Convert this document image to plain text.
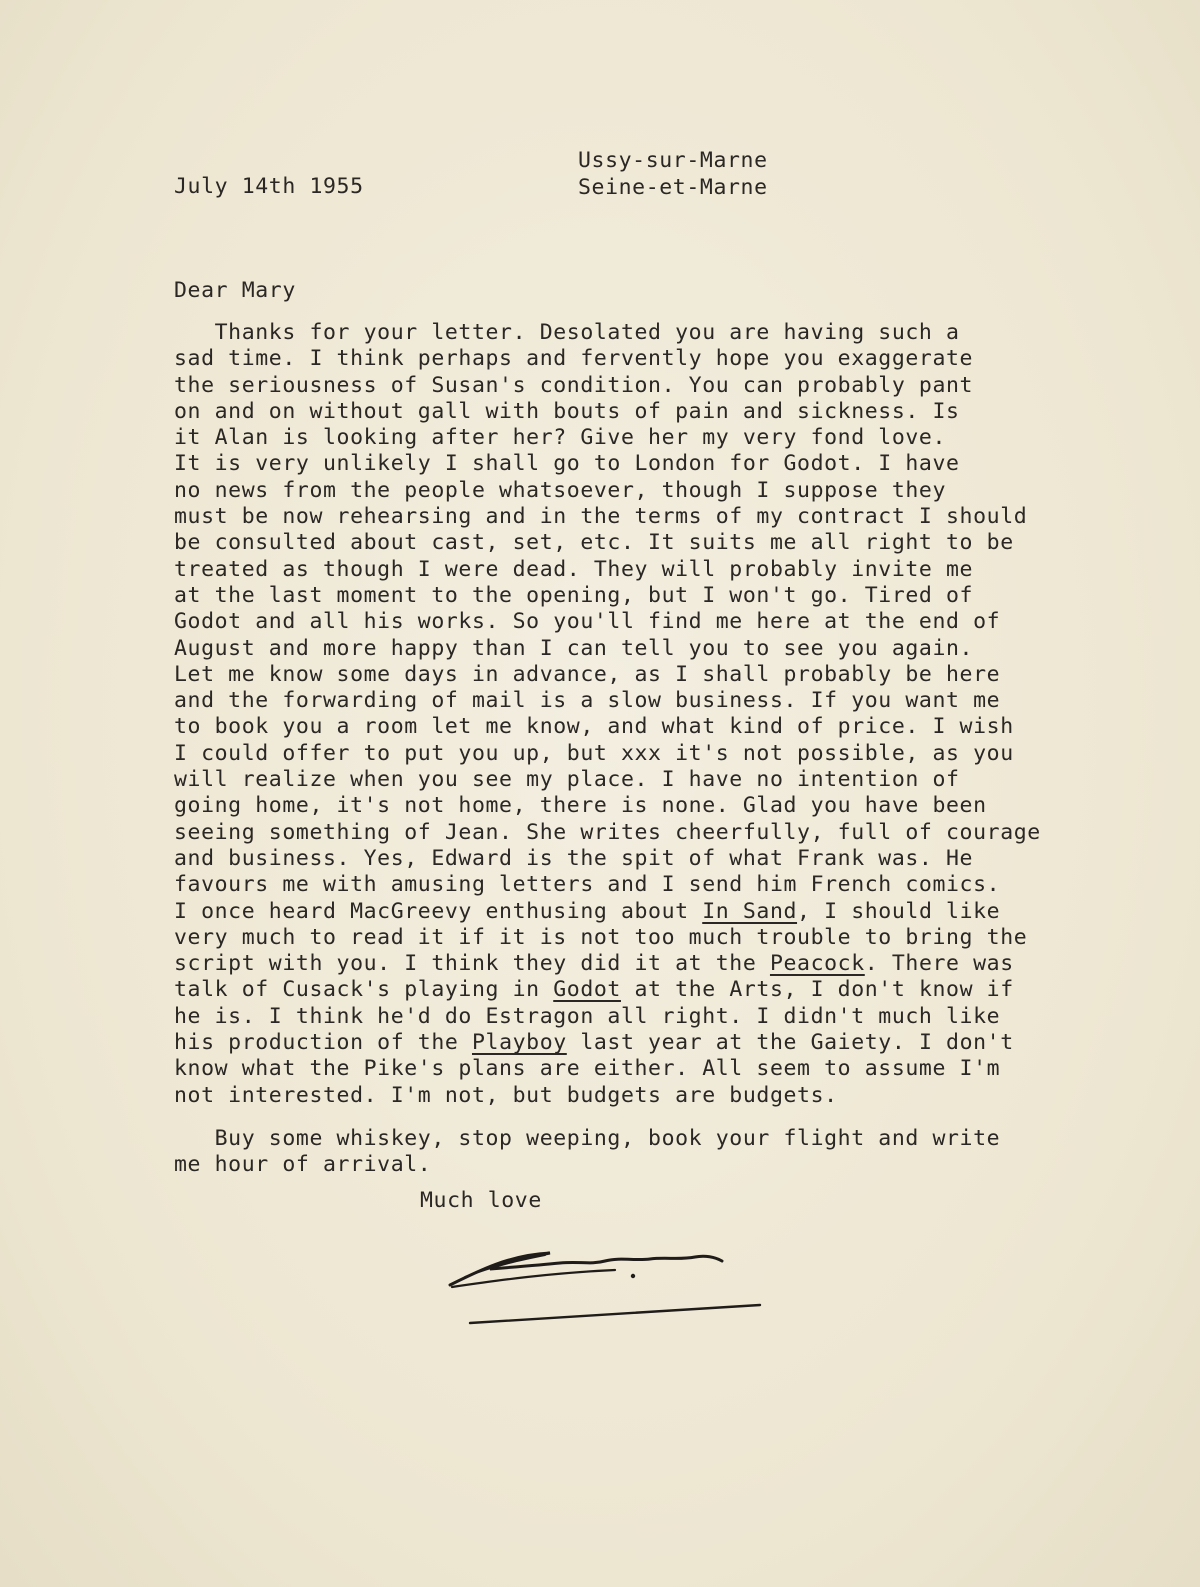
Ussy-sur-Marne
Seine-et-Marne
July 14th 1955
Dear Mary
Thanks for your letter. Desolated you are having such a
sad time. I think perhaps and fervently hope you exaggerate
the seriousness of Susan's condition. You can probably pant
on and on without gall with bouts of pain and sickness. Is
it Alan is looking after her? Give her my very fond love.
It is very unlikely I shall go to London for Godot. I have
no news from the people whatsoever, though I suppose they
must be now rehearsing and in the terms of my contract I should
be consulted about cast, set, etc. It suits me all right to be
treated as though I were dead. They will probably invite me
at the last moment to the opening, but I won't go. Tired of
Godot and all his works. So you'll find me here at the end of
August and more happy than I can tell you to see you again.
Let me know some days in advance, as I shall probably be here
and the forwarding of mail is a slow business. If you want me
to book you a room let me know, and what kind of price. I wish
I could offer to put you up, but xxx it's not possible, as you
will realize when you see my place. I have no intention of
going home, it's not home, there is none. Glad you have been
seeing something of Jean. She writes cheerfully, full of courage
and business. Yes, Edward is the spit of what Frank was. He
favours me with amusing letters and I send him French comics.
I once heard MacGreevy enthusing about In Sand, I should like
very much to read it if it is not too much trouble to bring the
script with you. I think they did it at the Peacock. There was
talk of Cusack's playing in Godot at the Arts, I don't know if
he is. I think he'd do Estragon all right. I didn't much like
his production of the Playboy last year at the Gaiety. I don't
know what the Pike's plans are either. All seem to assume I'm
not interested. I'm not, but budgets are budgets.
Buy some whiskey, stop weeping, book your flight and write
me hour of arrival.
Much love
